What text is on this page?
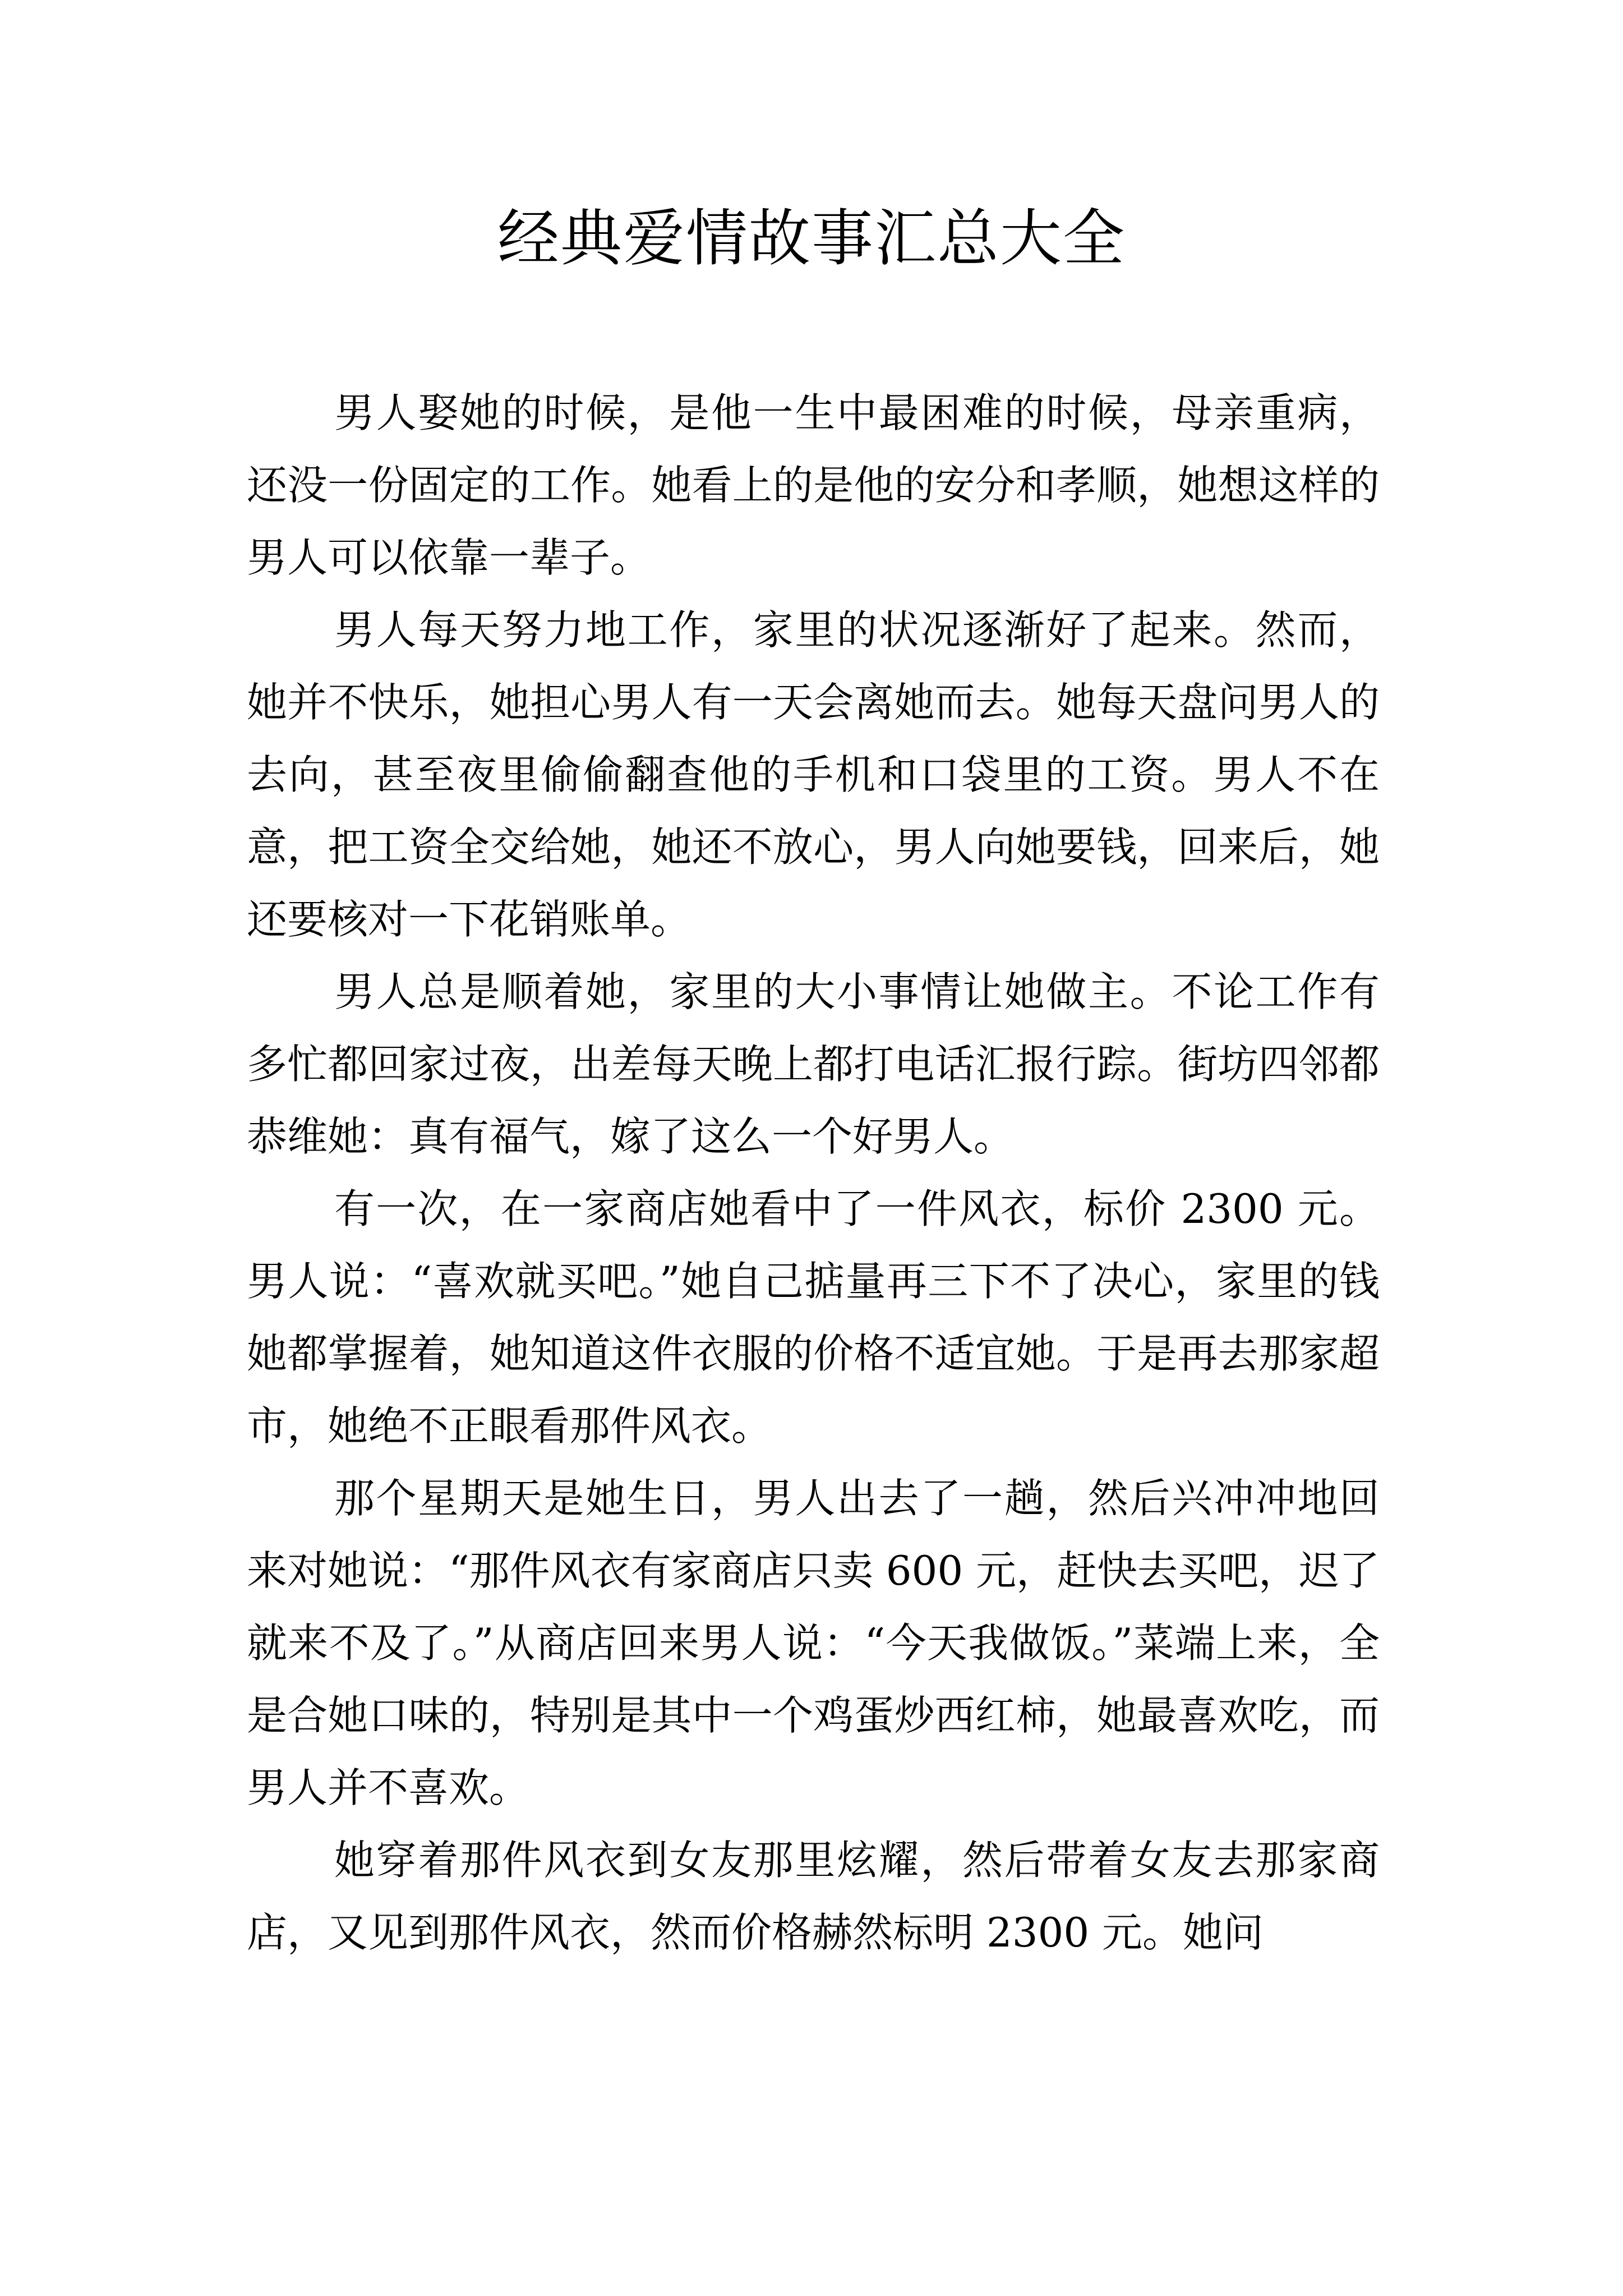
经典爱情故事汇总大全

男人娶她的时候，是他一生中最困难的时候，母亲重病，还没一份固定的工作。她看上的是他的安分和孝顺，她想这样的男人可以依靠一辈子。

男人每天努力地工作，家里的状况逐渐好了起来。然而，她并不快乐，她担心男人有一天会离她而去。她每天盘问男人的去向，甚至夜里偷偷翻查他的手机和口袋里的工资。男人不在意，把工资全交给她，她还不放心，男人向她要钱，回来后，她还要核对一下花销账单。

男人总是顺着她，家里的大小事情让她做主。不论工作有多忙都回家过夜，出差每天晚上都打电话汇报行踪。街坊四邻都恭维她：真有福气，嫁了这么一个好男人。

有一次，在一家商店她看中了一件风衣，标价 2300 元。男人说：“喜欢就买吧。”她自己掂量再三下不了决心，家里的钱她都掌握着，她知道这件衣服的价格不适宜她。于是再去那家超市，她绝不正眼看那件风衣。

那个星期天是她生日，男人出去了一趟，然后兴冲冲地回来对她说：“那件风衣有家商店只卖 600 元，赶快去买吧，迟了就来不及了。”从商店回来男人说：“今天我做饭。”菜端上来，全是合她口味的，特别是其中一个鸡蛋炒西红柿，她最喜欢吃，而男人并不喜欢。

她穿着那件风衣到女友那里炫耀，然后带着女友去那家商店，又见到那件风衣，然而价格赫然标明 2300 元。她问
